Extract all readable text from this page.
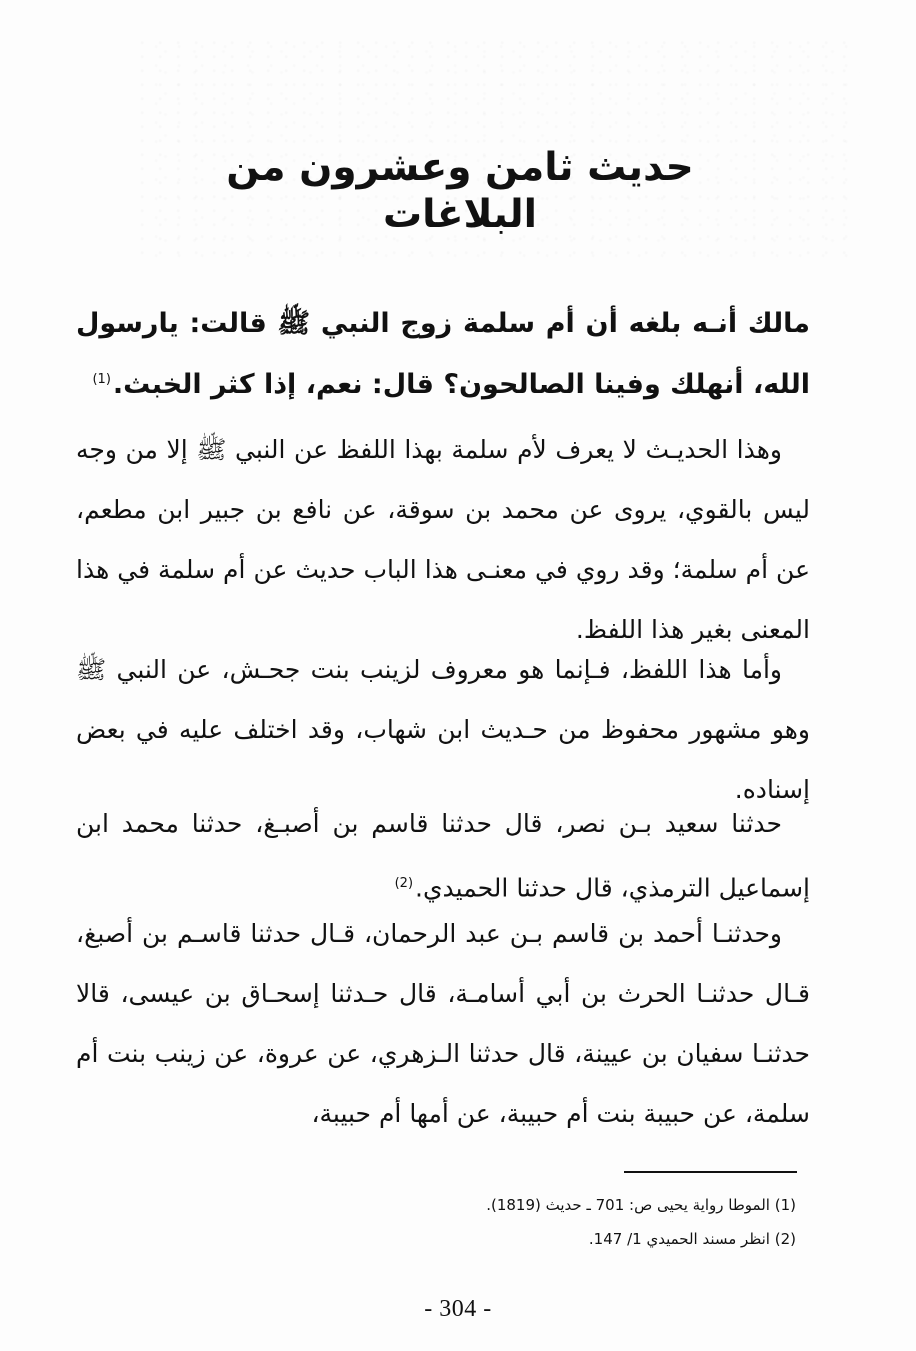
حديث ثامن وعشرون من البلاغات
مالك أنـه بلغه أن أم سلمة زوج النبي ﷺ قالت: يارسول الله، أنهلك وفينا الصالحون؟ قال: نعم، إذا كثر الخبث.$^{(1)}$

وهذا الحديـث لا يعرف لأم سلمة بهذا اللفظ عن النبي ﷺ إلا من وجه ليس بالقوي، يروى عن محمد بن سوقة، عن نافع بن جبير ابن مطعم، عن أم سلمة؛ وقد روي في معنـى هذا الباب حديث عن أم سلمة في هذا المعنى بغير هذا اللفظ.

وأما هذا اللفظ، فـإنما هو معروف لزينب بنت جحـش، عن النبي ﷺ وهو مشهور محفوظ من حـديث ابن شهاب، وقد اختلف عليه في بعض إسناده.

حدثنا سعيد بـن نصر، قال حدثنا قاسم بن أصبـغ، حدثنا محمد ابن إسماعيل الترمذي، قال حدثنا الحميدي.$^{(2)}$

وحدثنـا أحمد بن قاسم بـن عبد الرحمان، قـال حدثنا قاسـم بن أصبغ، قـال حدثنـا الحرث بن أبي أسامـة، قال حـدثنا إسحـاق بن عيسى، قالا حدثنـا سفيان بن عيينة، قال حدثنا الـزهري، عن عروة، عن زينب بنت أم سلمة، عن حبيبة بنت أم حبيبة، عن أمها أم حبيبة،

(1) الموطا رواية يحيى ص: 701 ـ حديث (1819).

(2) انظر مسند الحميدي 1/ 147.

- 304 -
